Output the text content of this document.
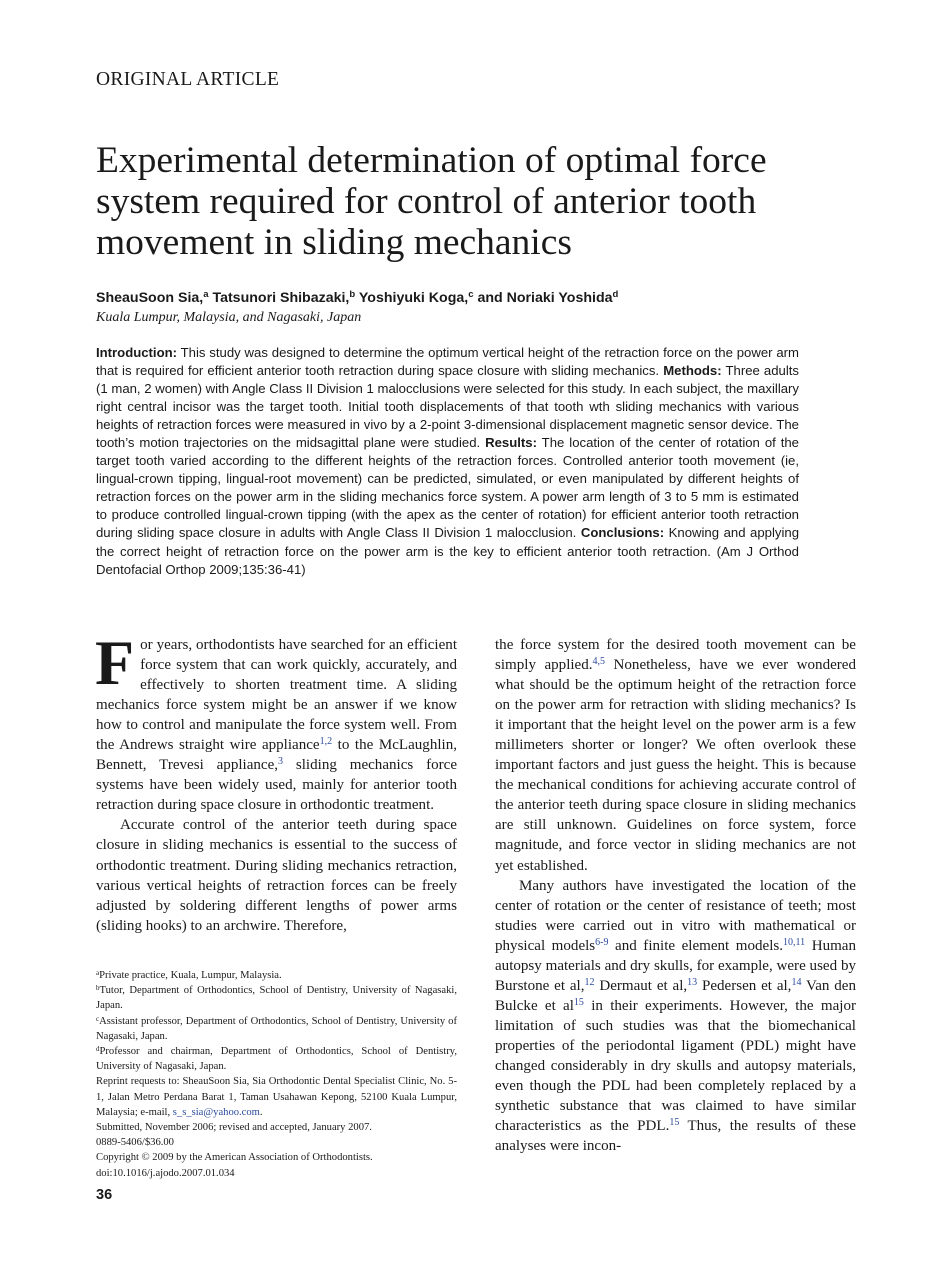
ORIGINAL ARTICLE
Experimental determination of optimal force system required for control of anterior tooth movement in sliding mechanics
SheauSoon Sia,$^a$ Tatsunori Shibazaki,$^b$ Yoshiyuki Koga,$^c$ and Noriaki Yoshida$^d$
Kuala Lumpur, Malaysia, and Nagasaki, Japan

Introduction: This study was designed to determine the optimum vertical height of the retraction force on the power arm that is required for efficient anterior tooth retraction during space closure with sliding mechanics. Methods: Three adults (1 man, 2 women) with Angle Class II Division 1 malocclusions were selected for this study. In each subject, the maxillary right central incisor was the target tooth. Initial tooth displacements of that tooth wth sliding mechanics with various heights of retraction forces were measured in vivo by a 2-point 3-dimensional displacement magnetic sensor device. The tooth’s motion trajectories on the midsagittal plane were studied. Results: The location of the center of rotation of the target tooth varied according to the different heights of the retraction forces. Controlled anterior tooth movement (ie, lingual-crown tipping, lingual-root movement) can be predicted, simulated, or even manipulated by different heights of retraction forces on the power arm in the sliding mechanics force system. A power arm length of 3 to 5 mm is estimated to produce controlled lingual-crown tipping (with the apex as the center of rotation) for efficient anterior tooth retraction during sliding space closure in adults with Angle Class II Division 1 malocclusion. Conclusions: Knowing and applying the correct height of retraction force on the power arm is the key to efficient anterior tooth retraction. (Am J Orthod Dentofacial Orthop 2009;135:36-41)

For years, orthodontists have searched for an efficient force system that can work quickly, accurately, and effectively to shorten treatment time. A sliding mechanics force system might be an answer if we know how to control and manipulate the force system well. From the Andrews straight wire appliance$^{1,2}$ to the McLaughlin, Bennett, Trevesi appliance,$^3$ sliding mechanics force systems have been widely used, mainly for anterior tooth retraction during space closure in orthodontic treatment.

Accurate control of the anterior teeth during space closure in sliding mechanics is essential to the success of orthodontic treatment. During sliding mechanics retraction, various vertical heights of retraction forces can be freely adjusted by soldering different lengths of power arms (sliding hooks) to an archwire. Therefore,

the force system for the desired tooth movement can be simply applied.$^{4,5}$ Nonetheless, have we ever wondered what should be the optimum height of the retraction force on the power arm for retraction with sliding mechanics? Is it important that the height level on the power arm is a few millimeters shorter or longer? We often overlook these important factors and just guess the height. This is because the mechanical conditions for achieving accurate control of the anterior teeth during space closure in sliding mechanics are still unknown. Guidelines on force system, force magnitude, and force vector in sliding mechanics are not yet established.

Many authors have investigated the location of the center of rotation or the center of resistance of teeth; most studies were carried out in vitro with mathematical or physical models$^{6-9}$ and finite element models.$^{10,11}$ Human autopsy materials and dry skulls, for example, were used by Burstone et al,$^{12}$ Dermaut et al,$^{13}$ Pedersen et al,$^{14}$ Van den Bulcke et al$^{15}$ in their experiments. However, the major limitation of such studies was that the biomechanical properties of the periodontal ligament (PDL) might have changed considerably in dry skulls and autopsy materials, even though the PDL had been completely replaced by a synthetic substance that was claimed to have similar characteristics as the PDL.$^{15}$ Thus, the results of these analyses were incon-

$^a$Private practice, Kuala, Lumpur, Malaysia.

$^b$Tutor, Department of Orthodontics, School of Dentistry, University of Nagasaki, Japan.

$^c$Assistant professor, Department of Orthodontics, School of Dentistry, University of Nagasaki, Japan.

$^d$Professor and chairman, Department of Orthodontics, School of Dentistry, University of Nagasaki, Japan.

Reprint requests to: SheauSoon Sia, Sia Orthodontic Dental Specialist Clinic, No. 5-1, Jalan Metro Perdana Barat 1, Taman Usahawan Kepong, 52100 Kuala Lumpur, Malaysia; e-mail, s_s_sia@yahoo.com.

Submitted, November 2006; revised and accepted, January 2007.

0889-5406/$36.00

Copyright © 2009 by the American Association of Orthodontists.

doi:10.1016/j.ajodo.2007.01.034

36
